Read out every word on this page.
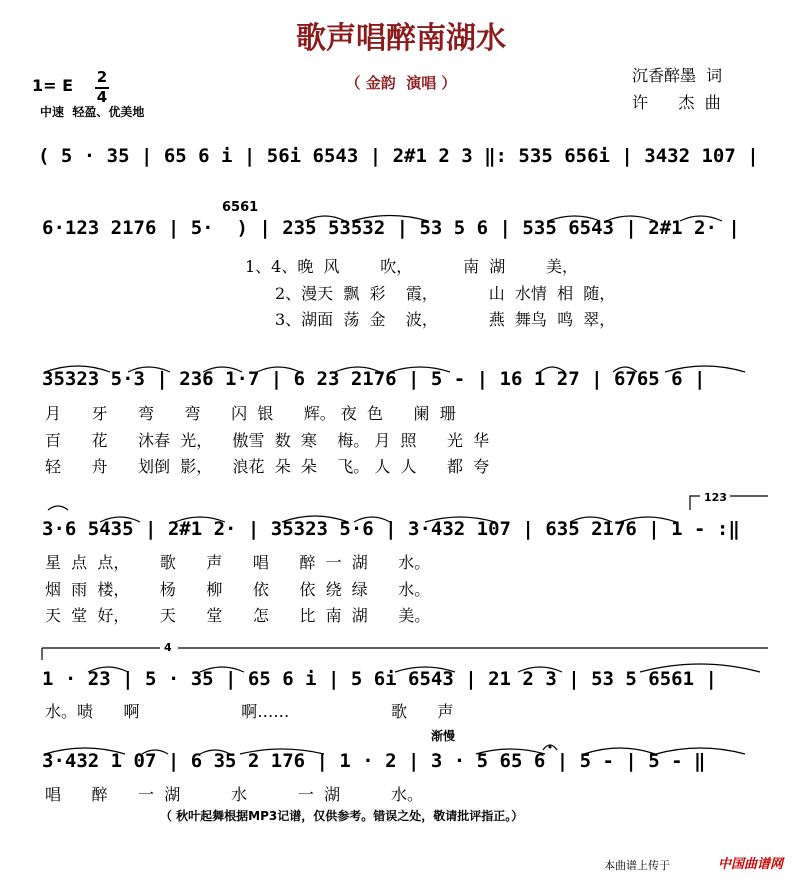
歌声唱醉南湖水
（ 金韵  演唱 ）
1= E 2
4
中速  轻盈、优美地
沉香醉墨  词
许      杰  曲
( 5 · 35 | 65 6 i | 56i 6543 | 2#1 2 3 ‖: 535 656i | 3432 107 |
6561
6·123 2176 | 5·  ) | 235 53532 | 53 5 6 | 535 6543 | 2#1 2· |
1、4、晚  风        吹，          南  湖        美，
2、漫天  飘  彩    霞，          山  水情  相  随，
3、湖面  荡  金    波，          燕  舞鸟  鸣  翠，
35323 5·3 | 236 1·7 | 6 23 2176 | 5 - | 16 1 27 | 6765 6 |
月      牙      弯      弯      闪  银      辉。 夜  色      阑  珊
百      花      沐春  光，    傲雪  数  寒    梅。 月  照      光  华
轻      舟      划倒  影，    浪花  朵  朵    飞。 人  人      都  夸
123
3·6 5435 | 2#1 2· | 35323 5·6 | 3·432 107 | 635 2176 | 1 - :‖
星  点  点，      歌      声      唱      醉  一  湖      水。
烟  雨  楼，      杨      柳      依      依  绕  绿      水。
天  堂  好，      天      堂      怎      比  南  湖      美。
4
1 · 23 | 5 · 35 | 65 6 i | 5 6i 6543 | 21 2 3 | 53 5 6561 |
水。啧      啊                    啊……                    歌      声
渐慢
3·432 1 07 | 6 35 2 176 | 1 · 2 | 3 · 5 65 6 | 5 - | 5 - ‖
唱      醉      一  湖          水          一  湖          水。
（ 秋叶起舞根据MP3记谱，仅供参考。错误之处，敬请批评指正。）
本曲谱上传于	中国曲谱网
